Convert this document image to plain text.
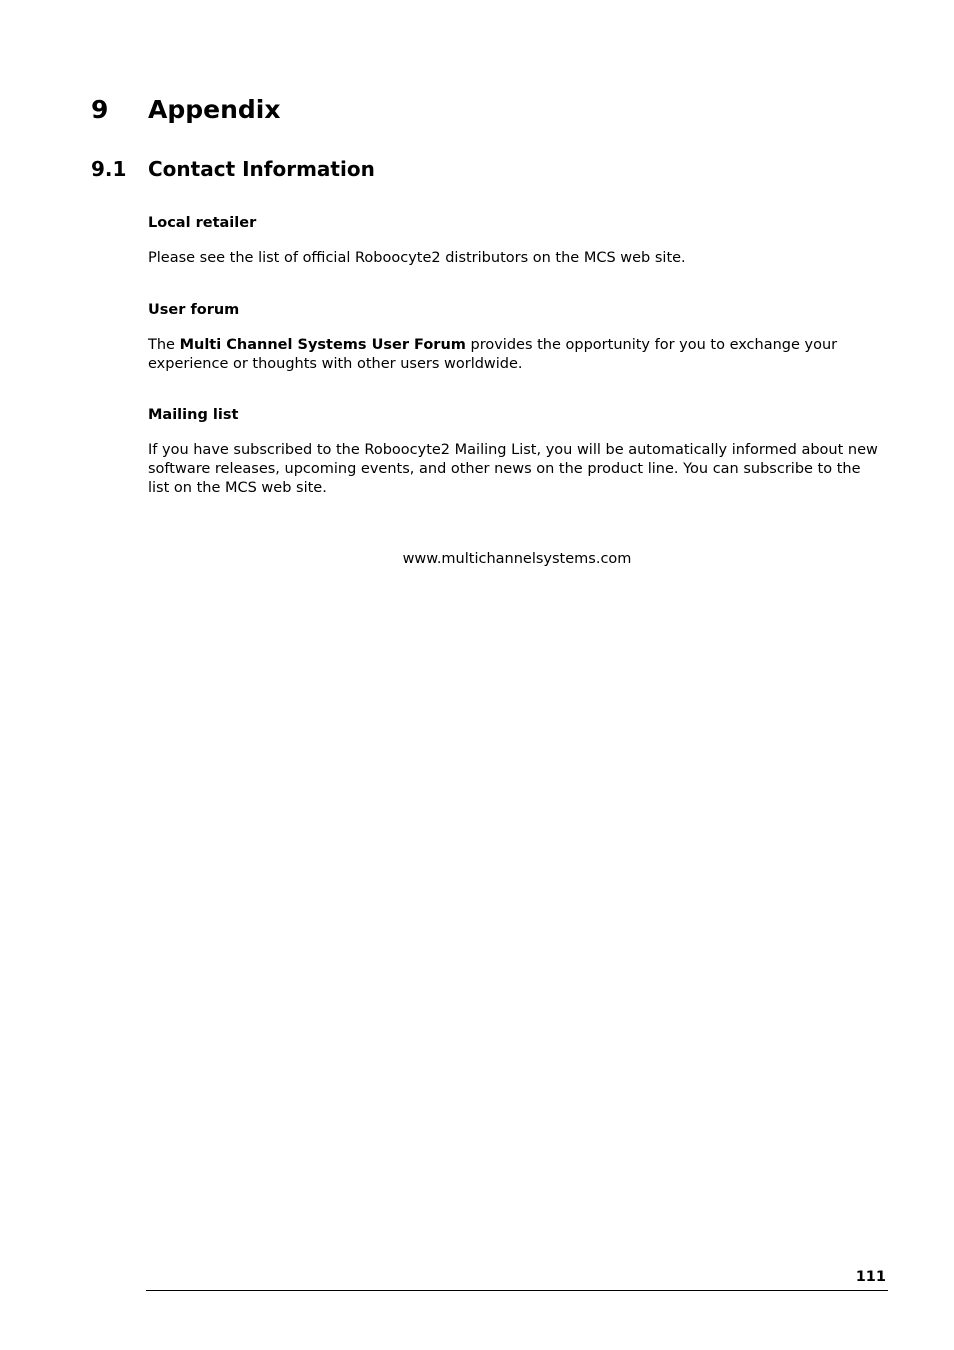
9 Appendix
9.1 Contact Information
Local retailer

Please see the list of official Roboocyte2 distributors on the MCS web site.

User forum

The Multi Channel Systems User Forum provides the opportunity for you to exchange your experience or thoughts with other users worldwide.

Mailing list

If you have subscribed to the Roboocyte2 Mailing List, you will be automatically informed about new software releases, upcoming events, and other news on the product line. You can subscribe to the list on the MCS web site.

www.multichannelsystems.com

111
